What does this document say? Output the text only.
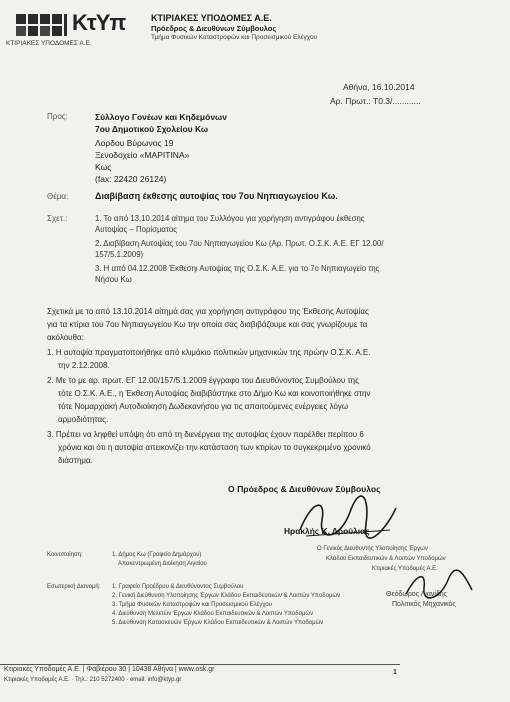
ΚτΥπ
ΚΤΙΡΙΑΚΕΣ ΥΠΟΔΟΜΕΣ Α.Ε.
ΚΤΙΡΙΑΚΕΣ ΥΠΟΔΟΜΕΣ Α.Ε.
Πρόεδρος & Διευθύνων Σύμβουλος
Τμήμα Φυσικών Καταστροφών και Προσεισμικού Ελέγχου
Αθήνα, 16.10.2014
Αρ. Πρωτ.: Τ0.3/............
Προς:	Σύλλογο Γονέων και Κηδεμόνων
7ου Δημοτικού Σχολείου Κω
Λορδου Βύρωνος 19
Ξενοδοχείο «ΜΑΡΙΤΙΝΑ»
Κως
(fax: 22420 26124)
Θέμα:	Διαβίβαση έκθεσης αυτοψίας του 7ου Νηπιαγωγείου Κω.
Σχετ.:	1. Το από 13.10.2014 αίτημα του Συλλόγου για χορήγηση αντιγράφου έκθεσης
Αυτοψίας – Πορίσματος
2. Διαβίβαση Αυτοψίας του 7ου Νηπιαγωγείου Κω (Αρ. Πρωτ. Ο.Σ.Κ. Α.Ε. ΕΓ 12.00/
157/5.1.2009)
3. Η από 04.12.2008 Έκθεσηι Αυτοψίας της Ο.Σ.Κ. Α.Ε. για το 7ο Νηπιαγωγείο της
Νήσου Κω
Σχετικά με το από 13.10.2014 αίτημά σας για χορήγηση αντιγράφου της Έκθεσης Αυτοψίας
για τα κτίρια του 7ου Νηπιαγωγείου Κω την οποία σας διαβιβάζουμε και σας γνωρίζουμε τα
ακόλουθα:
1. Η αυτοψία πραγματοποιήθηκε από κλιμάκιο πολιτικών μηχανικών της πρώην Ο.Σ.Κ. Α.Ε.
την 2.12.2008.
2. Με το με αρ. πρωτ. ΕΓ 12.00/157/5.1.2009 έγγραφο του Διευθύνοντος Συμβούλου της
τότε Ο.Σ.Κ. Α.Ε., η Έκθεση Αυτοψίας διαβιβάστηκε στο Δήμο Κω και κοινοποιήθηκε στην
τότε Νομαρχιακή Αυτοδιοίκηση Δωδεκανήσου για τις απαιτούμενες ενέργειες λόγω
αρμοδιότητας.
3. Πρέπει να ληφθεί υπόψη ότι από τη διενέργεια της αυτοψίας έχουν παρέλθει περίπου 6
χρόνια και ότι η αυτοψία απεικονίζει την κατάσταση των κτιρίων το συγκεκριμένο χρονικό
διάστημα.
Ο Πρόεδρος & Διευθύνων Σύμβουλος
Ηρακλής Κ. Δρούλιας
Ο Γενικός Διευθυντής Υλοποίησης Έργων
Κλάδου Εκπαιδευτικών & Λοιπών Υποδομών
Κτιριακές Υποδομές Α.Ε.
Θεόδωρος Λιανίδης
Πολιτικός Μηχανικός
Κοινοποίηση:	1. Δήμος Κω (Γραφείο Δημάρχου)
Αποκεντρωμένη Διοίκηση Αιγαίου
Εσωτερική Διανομή: 1. Γραφείο Προέδρου & Διευθύνοντος Συμβούλου
2. Γενική Διεύθυνση Υλοποίησης Έργων Κλάδου Εκπαιδευτικών & Λοιπών Υποδομών
3. Τμήμα Φυσικών Καταστροφών και Προσεισμικού Ελέγχου
4. Διεύθυνση Μελετών Έργων Κλάδου Εκπαιδευτικών & Λοιπών Υποδομών
5. Διεύθυνση Κατασκευών Έργων Κλάδου Εκπαιδευτικών & Λοιπών Υποδομών
Κτιριακές Υποδομές Α.Ε. | Φαβιέρου 30 | 10438 Αθήνα | www.osk.gr
Κτιριακές Υποδομές Α.Ε. · Τηλ.: 210 5272400 · email: info@ktyp.gr
1
